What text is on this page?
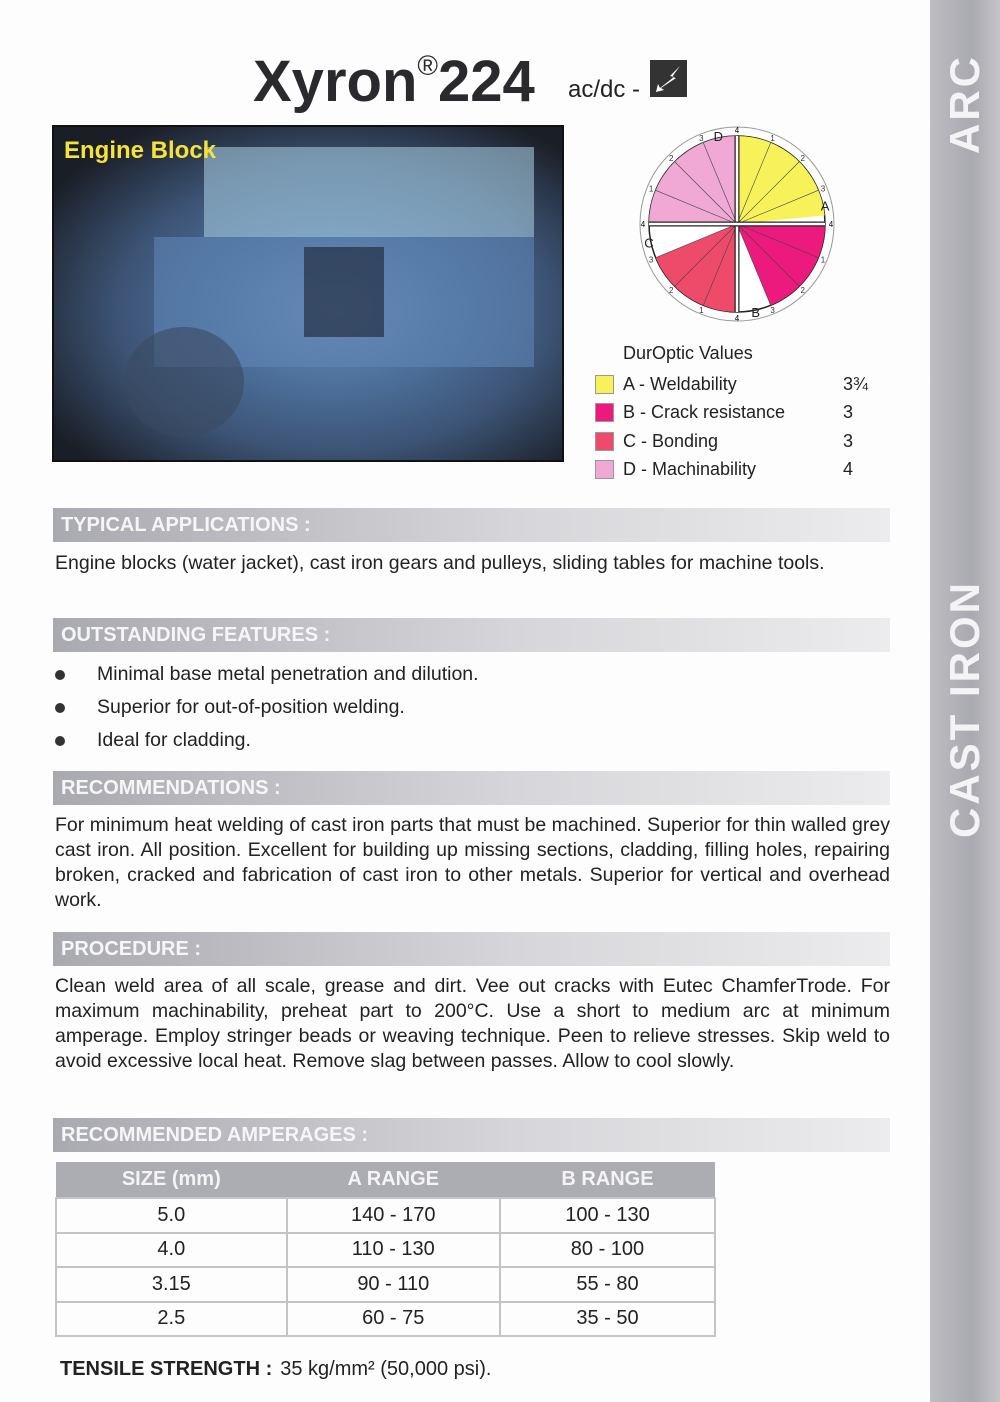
ARC
CAST IRON
Xyron®224 ac/dc -
Engine Block	1
2
3
A
4
1
2
3
B
4
1
2
3
C
4
1
2
3 D
4
DurOptic Values
A - Weldability	3¾
B - Crack resistance	3
C - Bonding	3
D - Machinability	4
TYPICAL APPLICATIONS :
Engine blocks (water jacket), cast iron gears and pulleys, sliding tables for machine tools.
OUTSTANDING FEATURES :
Minimal base metal penetration and dilution.
Superior for out-of-position welding.
Ideal for cladding.
RECOMMENDATIONS :
For minimum heat welding of cast iron parts that must be machined. Superior for thin walled grey cast iron. All position. Excellent for building up missing sections, cladding, filling holes, repairing broken, cracked and fabrication of cast iron to other metals. Superior for vertical and overhead work.
PROCEDURE :
Clean weld area of all scale, grease and dirt. Vee out cracks with Eutec ChamferTrode. For maximum machinability, preheat part to 200°C. Use a short to medium arc at minimum amperage. Employ stringer beads or weaving technique. Peen to relieve stresses. Skip weld to avoid excessive local heat. Remove slag between passes. Allow to cool slowly.
RECOMMENDED AMPERAGES :
SIZE (mm)	A RANGE	B RANGE
5.0	140 - 170	100 - 130
4.0	110 - 130	80 - 100
3.15	90 - 110	55 - 80
2.5	60 - 75	35 - 50
TENSILE STRENGTH : 35 kg/mm² (50,000 psi).
